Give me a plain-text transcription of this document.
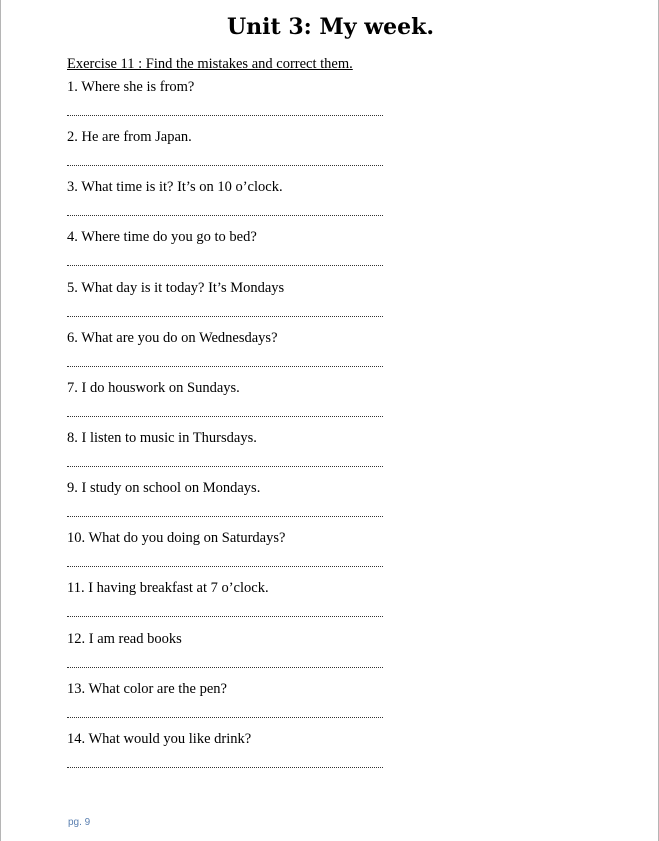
Unit 3: My week.
Exercise 11 : Find the mistakes and correct them.
1. Where she is from?
2. He are from Japan.
3. What time is it? It’s on 10 o’clock.
4. Where time do you go to bed?
5. What day is it today? It’s Mondays
6. What are you do on Wednesdays?
7. I do houswork on Sundays.
8. I listen to music in Thursdays.
9. I study on school on Mondays.
10. What do you doing on Saturdays?
11. I having breakfast at 7 o’clock.
12. I am read books
13. What color are the pen?
14. What would you like drink?
pg. 9
